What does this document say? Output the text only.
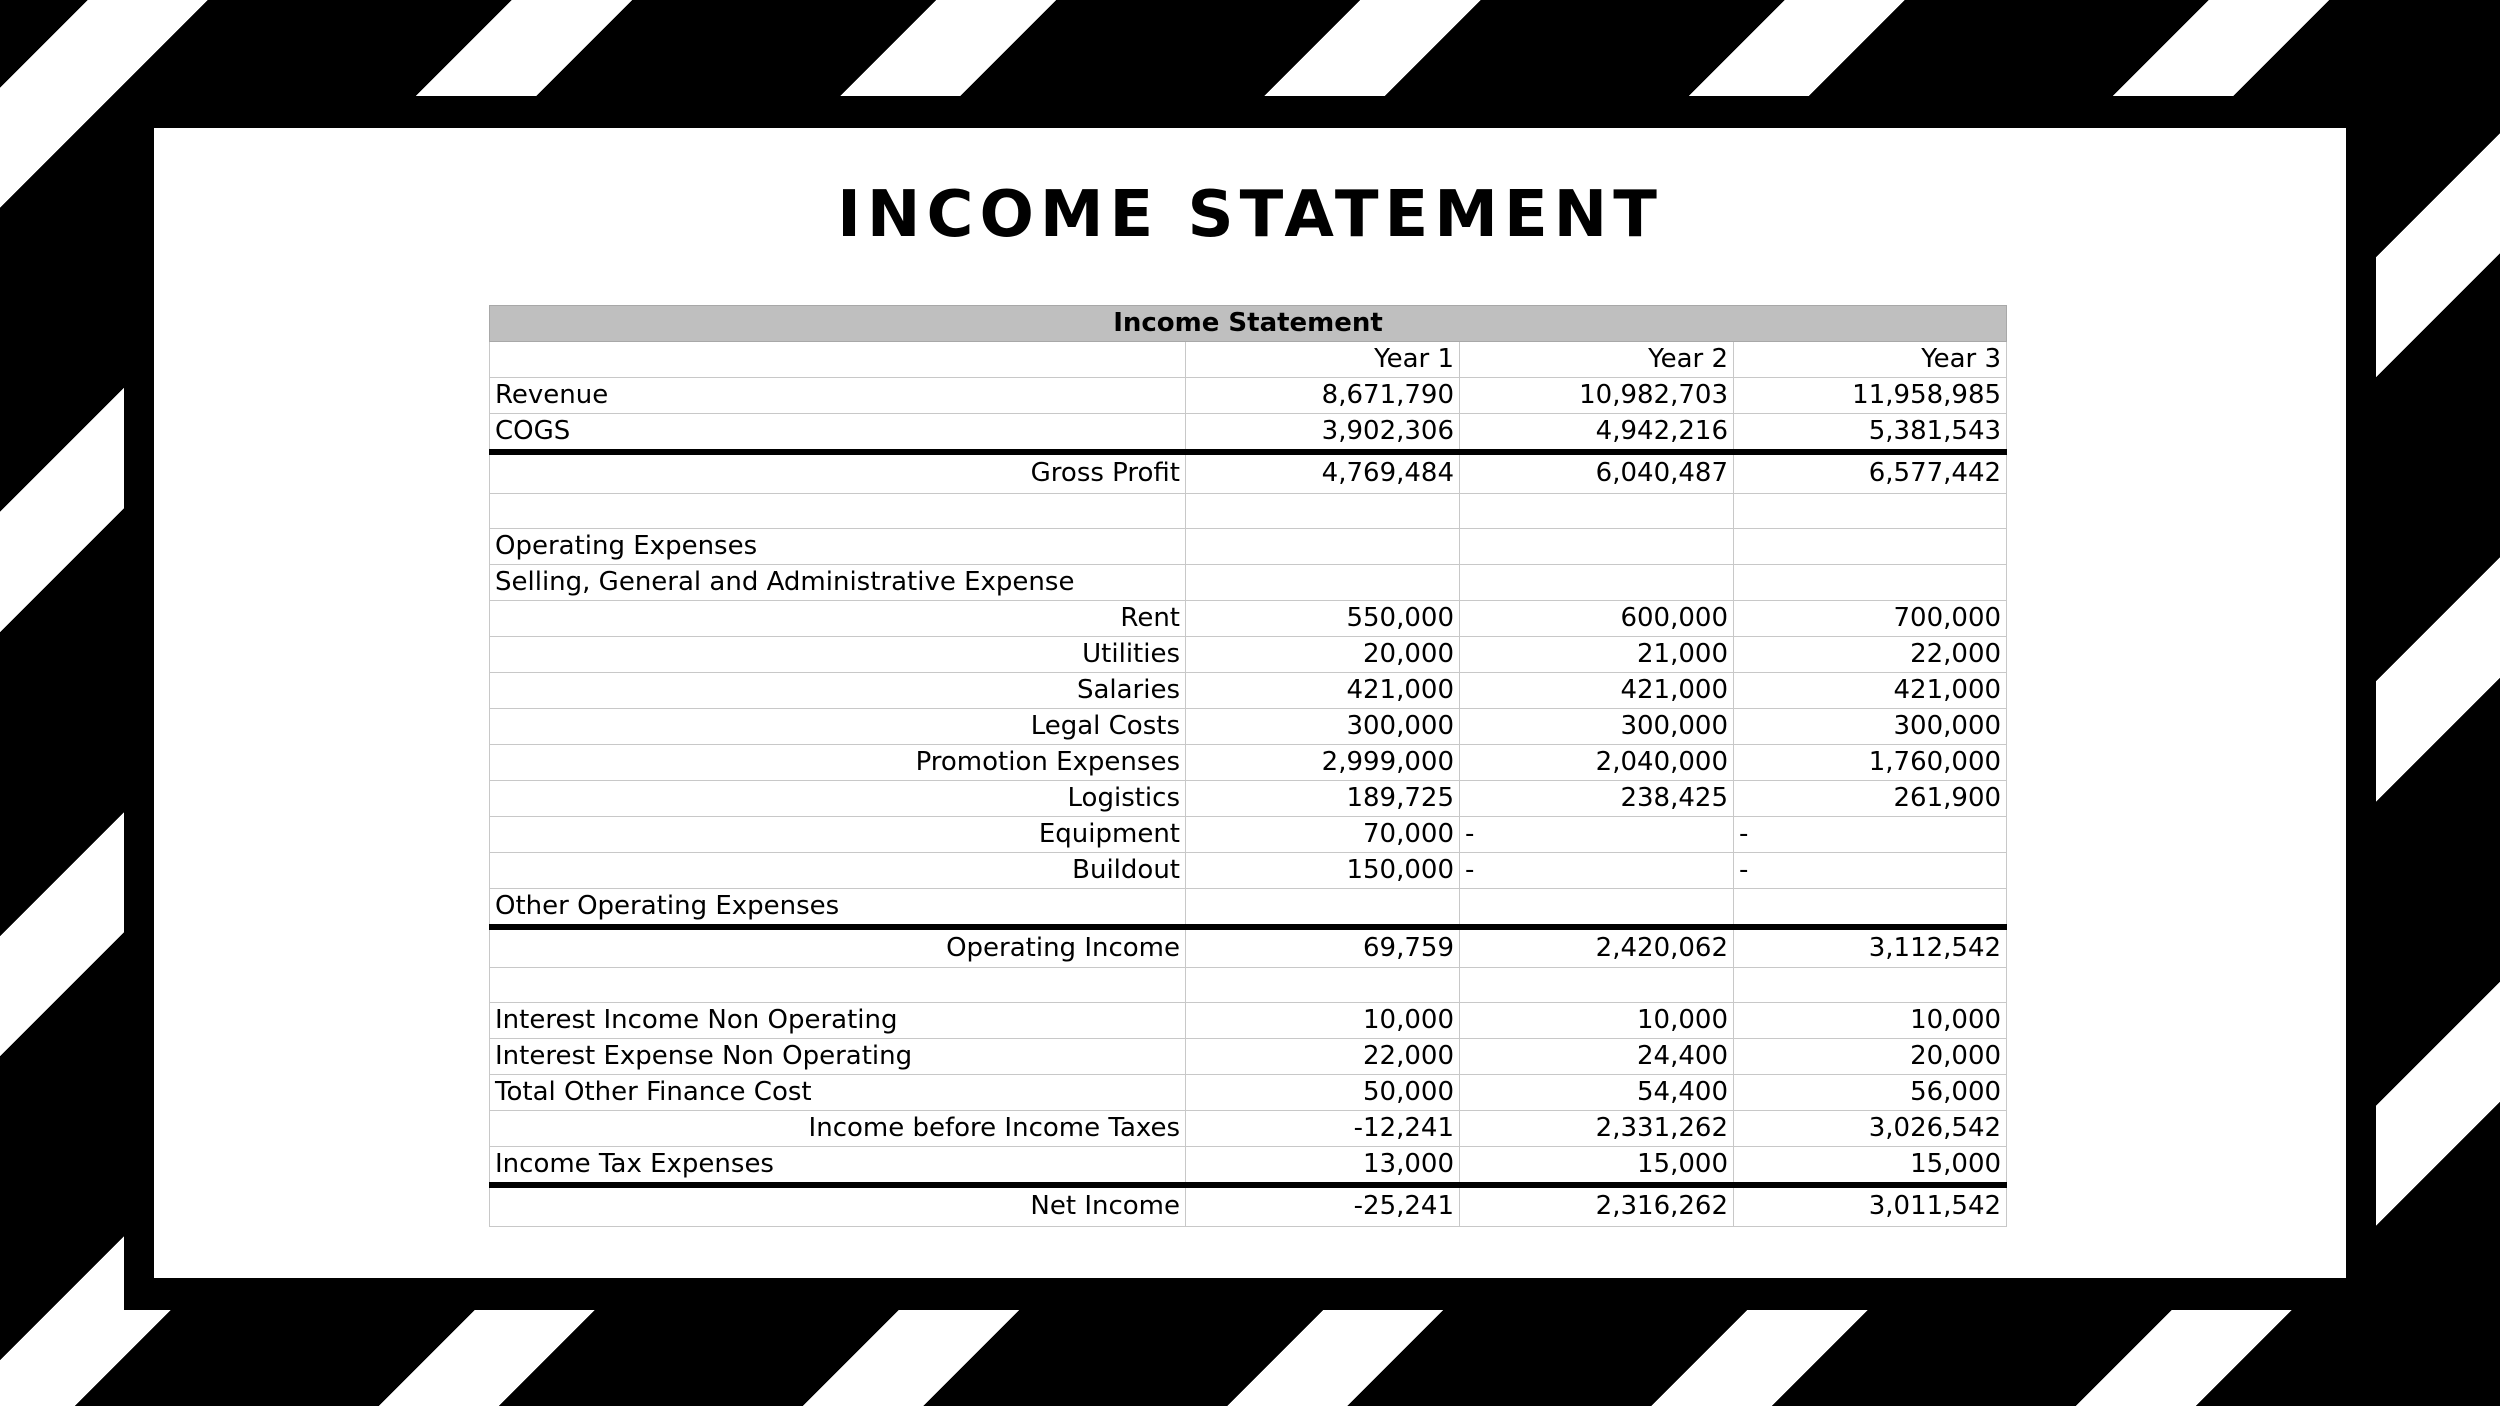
INCOME STATEMENT
Income Statement			
	Year 1	Year 2	Year 3
Revenue	8,671,790	10,982,703	11,958,985
COGS	3,902,306	4,942,216	5,381,543
Gross Profit	4,769,484	6,040,487	6,577,442

Operating Expenses			
Selling, General and Administrative Expense			
Rent	550,000	600,000	700,000
Utilities	20,000	21,000	22,000
Salaries	421,000	421,000	421,000
Legal Costs	300,000	300,000	300,000
Promotion Expenses	2,999,000	2,040,000	1,760,000
Logistics	189,725	238,425	261,900
Equipment	70,000	-	-
Buildout	150,000	-	-
Other Operating Expenses			
Operating Income	69,759	2,420,062	3,112,542

Interest Income Non Operating	10,000	10,000	10,000
Interest Expense Non Operating	22,000	24,400	20,000
Total Other Finance Cost	50,000	54,400	56,000
Income before Income Taxes	-12,241	2,331,262	3,026,542
Income Tax Expenses	13,000	15,000	15,000
Net Income	-25,241	2,316,262	3,011,542
